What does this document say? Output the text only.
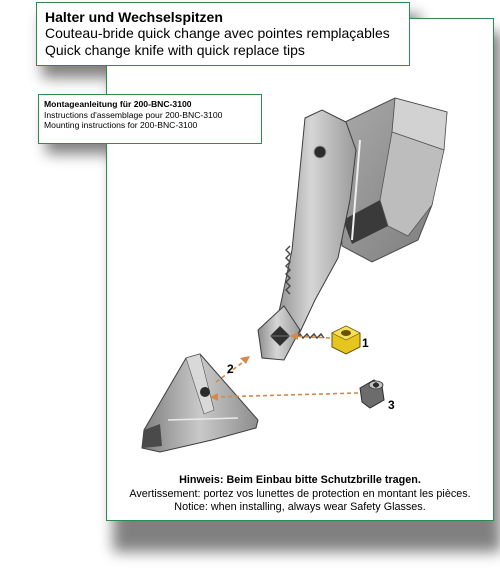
1
2
3
Halter und Wechselspitzen
Couteau-bride quick change avec pointes remplaçables
Quick change knife with quick replace tips
Montageanleitung für 200-BNC-3100
Instructions d'assemblage pour 200-BNC-3100
Mounting instructions for 200-BNC-3100
Hinweis: Beim Einbau bitte Schutzbrille tragen.
Avertissement: portez vos lunettes de protection en montant les pièces.
Notice: when installing, always wear Safety Glasses.
